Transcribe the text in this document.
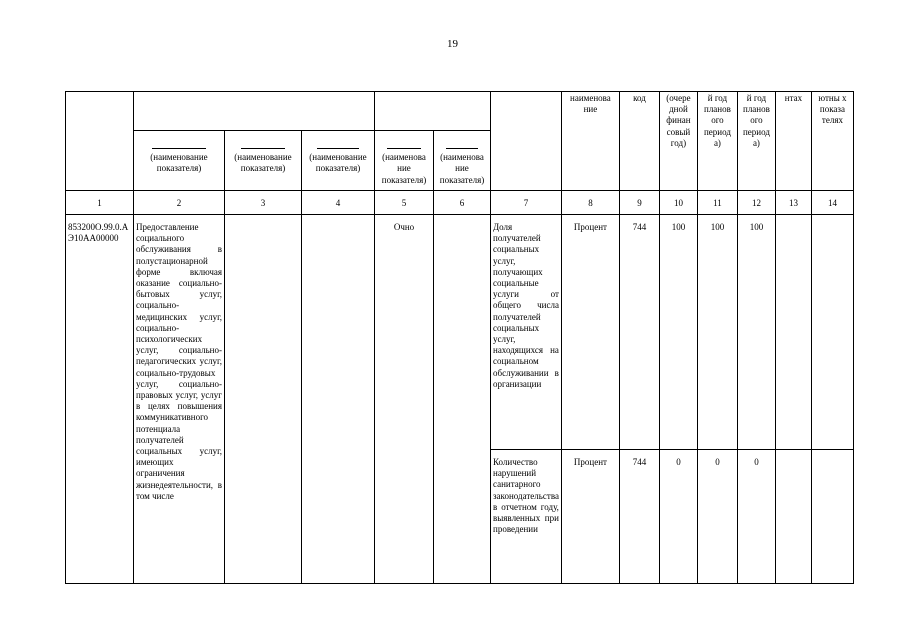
19
							наименова ние	код	(очере дной финан совый год)	й год планов ого период а)	й год планов ого период а)	нтах	ютны х показа телях

	(наименование показателя)	(наименование показателя)	(наименование показателя)	(наименова ние показателя)	(наименова ние показателя)								

1	2	3	4	5	6	7	8	9	10	11	12	13	14
853200О.99.0.АЭ10АА00000	Предоставление социального обслуживания в полустационарной форме включая оказание социально-бытовых услуг, социально-медицинских услуг, социально-психологических услуг, социально-педагогических услуг, социально-трудовых услуг, социально-правовых услуг, услуг в целях повышения коммуникативного потенциала получателей социальных услуг, имеющих ограничения жизнедеятельности, в том числе			Очно		Доля получателей социальных услуг, получающих социальные услуги от общего числа получателей социальных услуг, находящихся на социальном обслуживании в организации	Процент	744	100	100	100		
						Количество нарушений санитарного законодательства в отчетном году, выявленных при проведении	Процент	744	0	0	0		
